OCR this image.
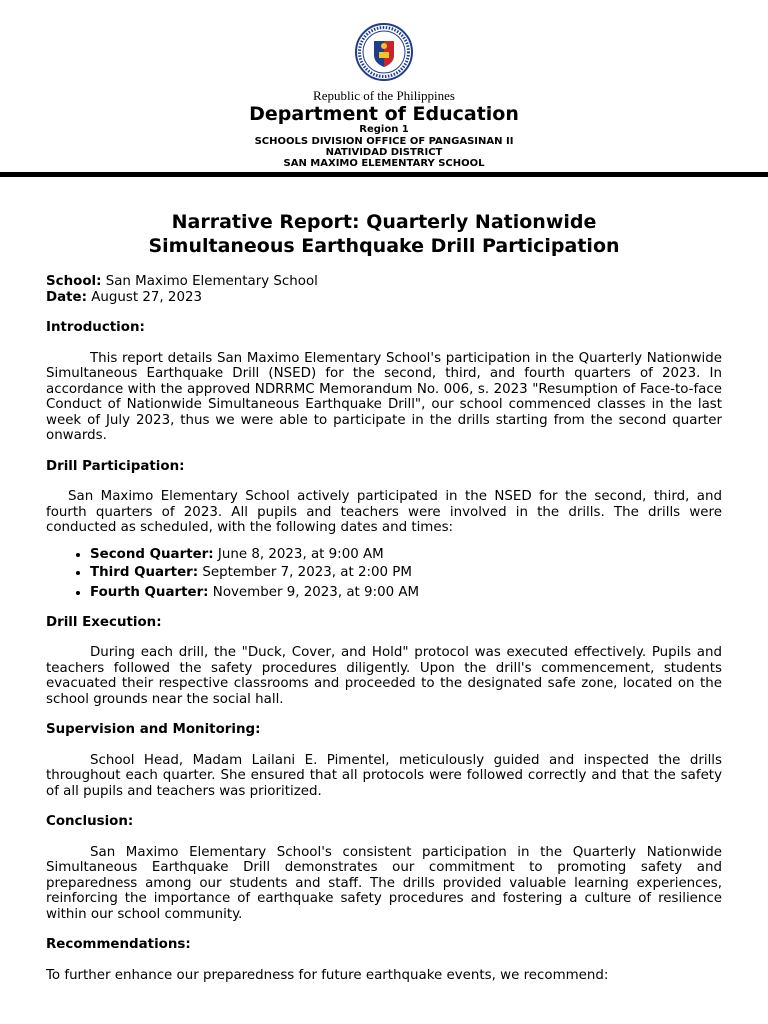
Republic of the Philippines
Department of Education
Region 1
SCHOOLS DIVISION OFFICE OF PANGASINAN II
NATIVIDAD DISTRICT
SAN MAXIMO ELEMENTARY SCHOOL
Narrative Report: Quarterly Nationwide
Simultaneous Earthquake Drill Participation

School: San Maximo Elementary School

Date: August 27, 2023

Introduction:

This report details San Maximo Elementary School's participation in the Quarterly Nationwide Simultaneous Earthquake Drill (NSED) for the second, third, and fourth quarters of 2023. In accordance with the approved NDRRMC Memorandum No. 006, s. 2023 "Resumption of Face-to-face Conduct of Nationwide Simultaneous Earthquake Drill", our school commenced classes in the last week of July 2023, thus we were able to participate in the drills starting from the second quarter onwards.

Drill Participation:

San Maximo Elementary School actively participated in the NSED for the second, third, and fourth quarters of 2023. All pupils and teachers were involved in the drills. The drills were conducted as scheduled, with the following dates and times:

• Second Quarter: June 8, 2023, at 9:00 AM
• Third Quarter: September 7, 2023, at 2:00 PM
• Fourth Quarter: November 9, 2023, at 9:00 AM

Drill Execution:

During each drill, the "Duck, Cover, and Hold" protocol was executed effectively. Pupils and teachers followed the safety procedures diligently. Upon the drill's commencement, students evacuated their respective classrooms and proceeded to the designated safe zone, located on the school grounds near the social hall.

Supervision and Monitoring:

School Head, Madam Lailani E. Pimentel, meticulously guided and inspected the drills throughout each quarter. She ensured that all protocols were followed correctly and that the safety of all pupils and teachers was prioritized.

Conclusion:

San Maximo Elementary School's consistent participation in the Quarterly Nationwide Simultaneous Earthquake Drill demonstrates our commitment to promoting safety and preparedness among our students and staff. The drills provided valuable learning experiences, reinforcing the importance of earthquake safety procedures and fostering a culture of resilience within our school community.

Recommendations:

To further enhance our preparedness for future earthquake events, we recommend:
